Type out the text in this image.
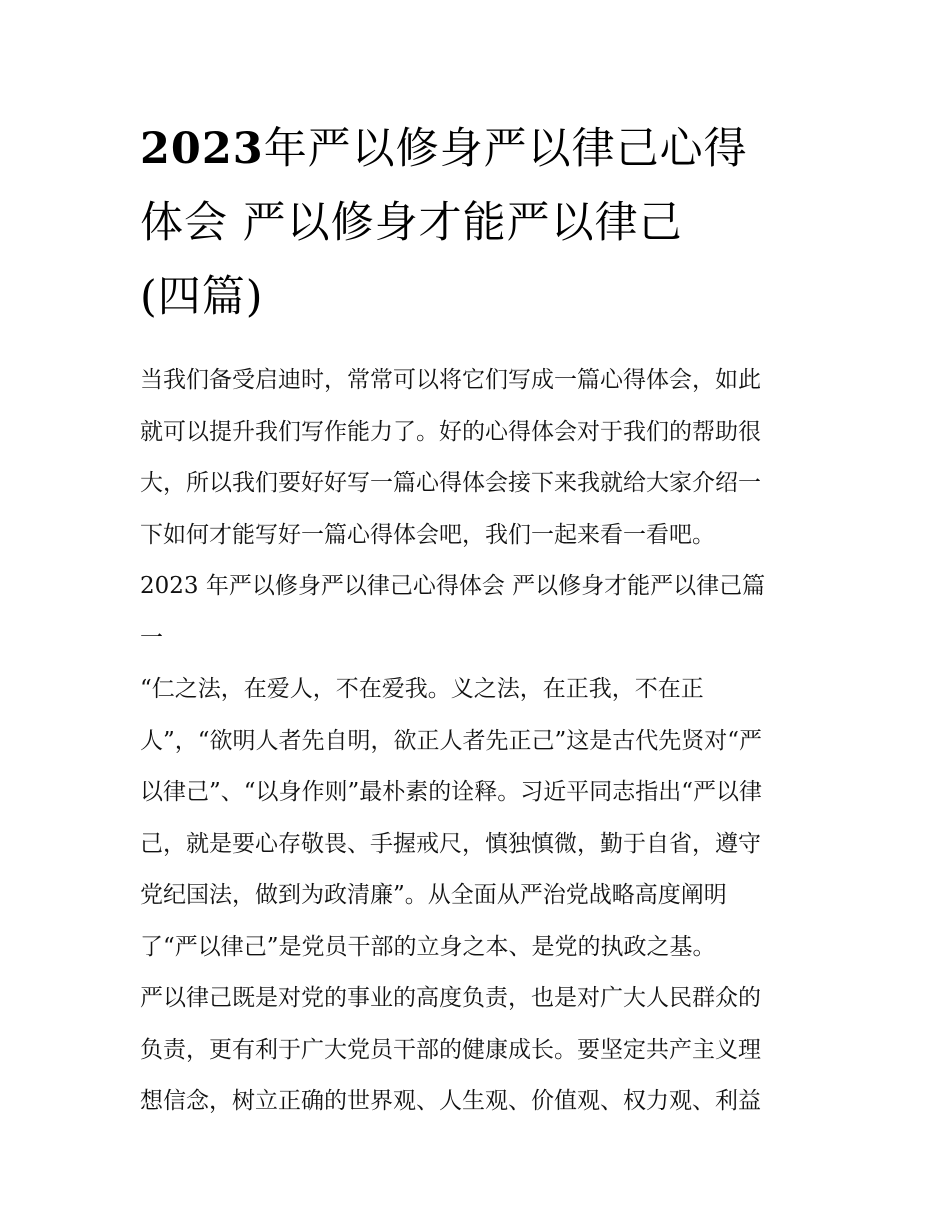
2023年严以修身严以律己心得
体会 严以修身才能严以律己
(四篇)
当我们备受启迪时，常常可以将它们写成一篇心得体会，如此
就可以提升我们写作能力了。好的心得体会对于我们的帮助很
大，所以我们要好好写一篇心得体会接下来我就给大家介绍一
下如何才能写好一篇心得体会吧，我们一起来看一看吧。
2023 年严以修身严以律己心得体会 严以修身才能严以律己篇
一
“仁之法，在爱人，不在爱我。义之法，在正我，不在正
人”，“欲明人者先自明，欲正人者先正己”这是古代先贤对“严
以律己”、“以身作则”最朴素的诠释。习近平同志指出“严以律
己，就是要心存敬畏、手握戒尺，慎独慎微，勤于自省，遵守
党纪国法，做到为政清廉”。从全面从严治党战略高度阐明
了“严以律己”是党员干部的立身之本、是党的执政之基。
严以律己既是对党的事业的高度负责，也是对广大人民群众的
负责，更有利于广大党员干部的健康成长。要坚定共产主义理
想信念，树立正确的世界观、人生观、价值观、权力观、利益
